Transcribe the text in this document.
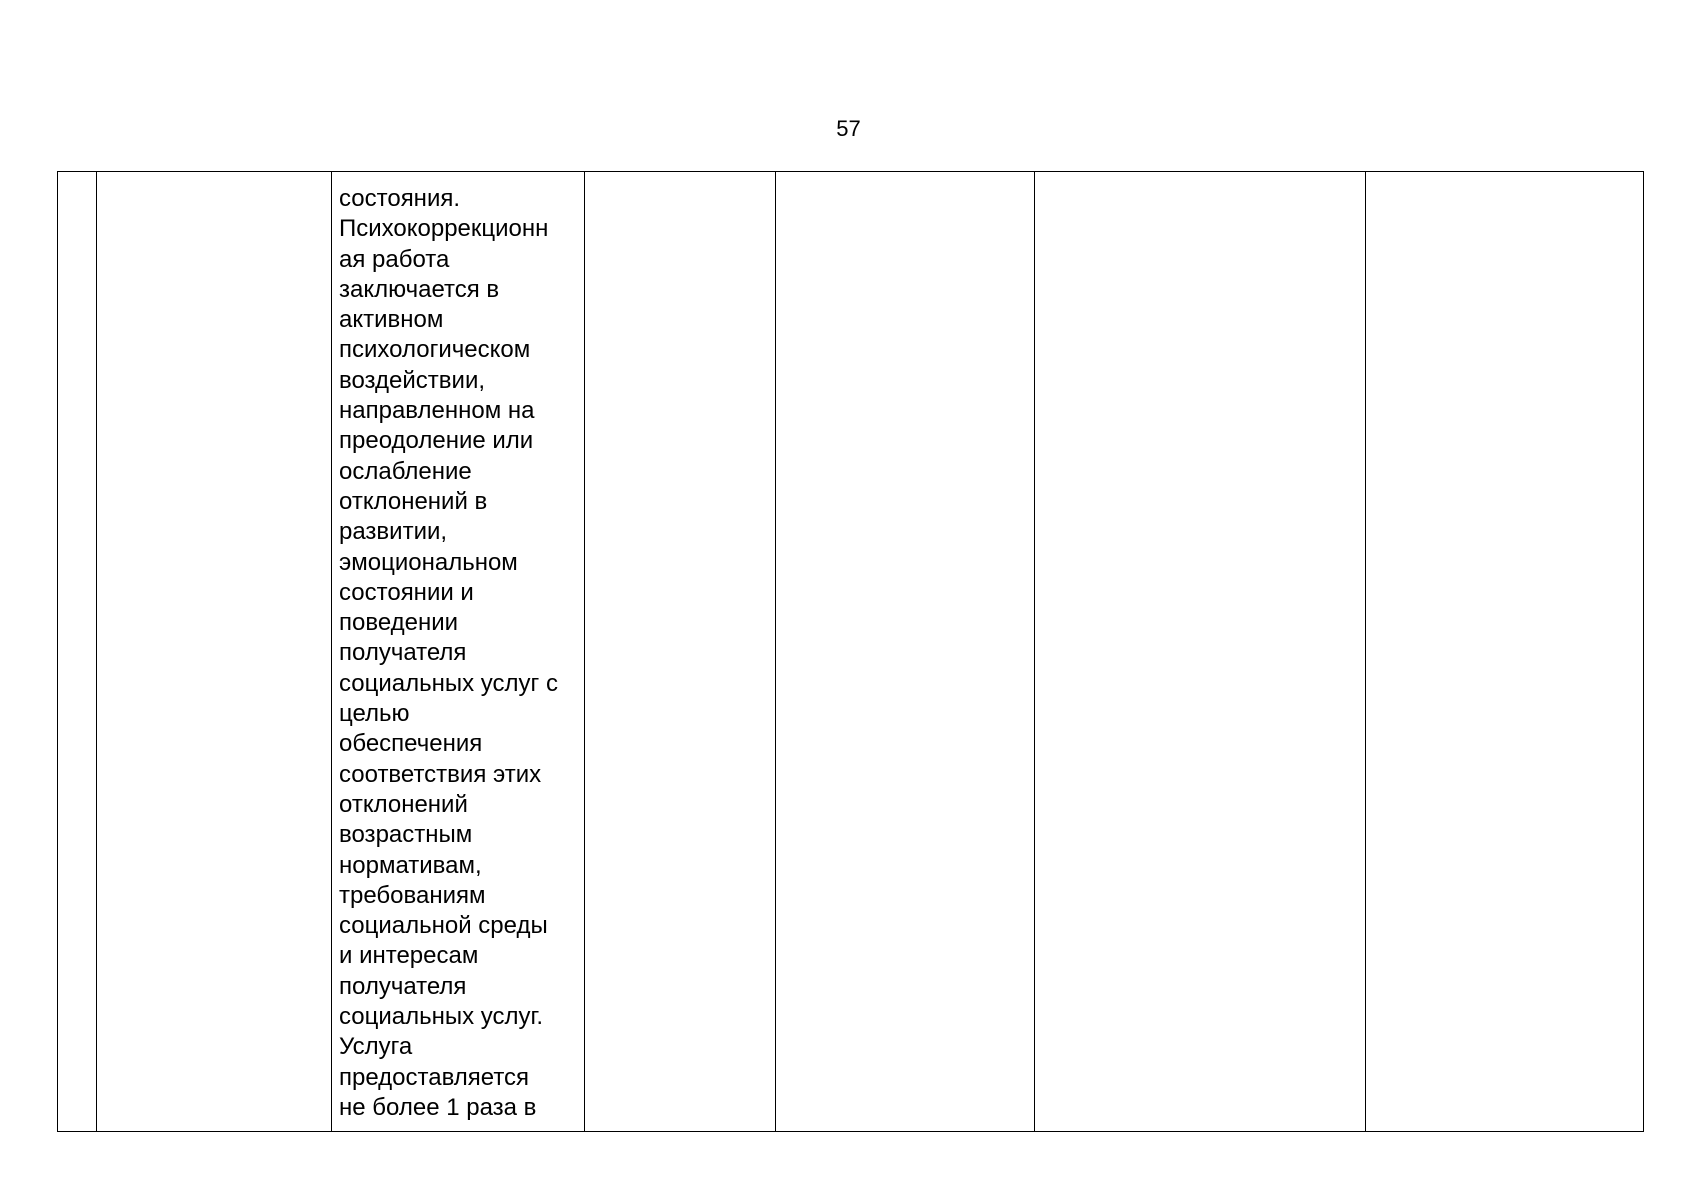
57

состояния.
Психокоррекционн
ая работа
заключается в
активном
психологическом
воздействии,
направленном на
преодоление или
ослабление
отклонений в
развитии,
эмоциональном
состоянии и
поведении
получателя
социальных услуг с
целью
обеспечения
соответствия этих
отклонений
возрастным
нормативам,
требованиям
социальной среды
и интересам
получателя
социальных услуг.
Услуга
предоставляется
не более 1 раза в
